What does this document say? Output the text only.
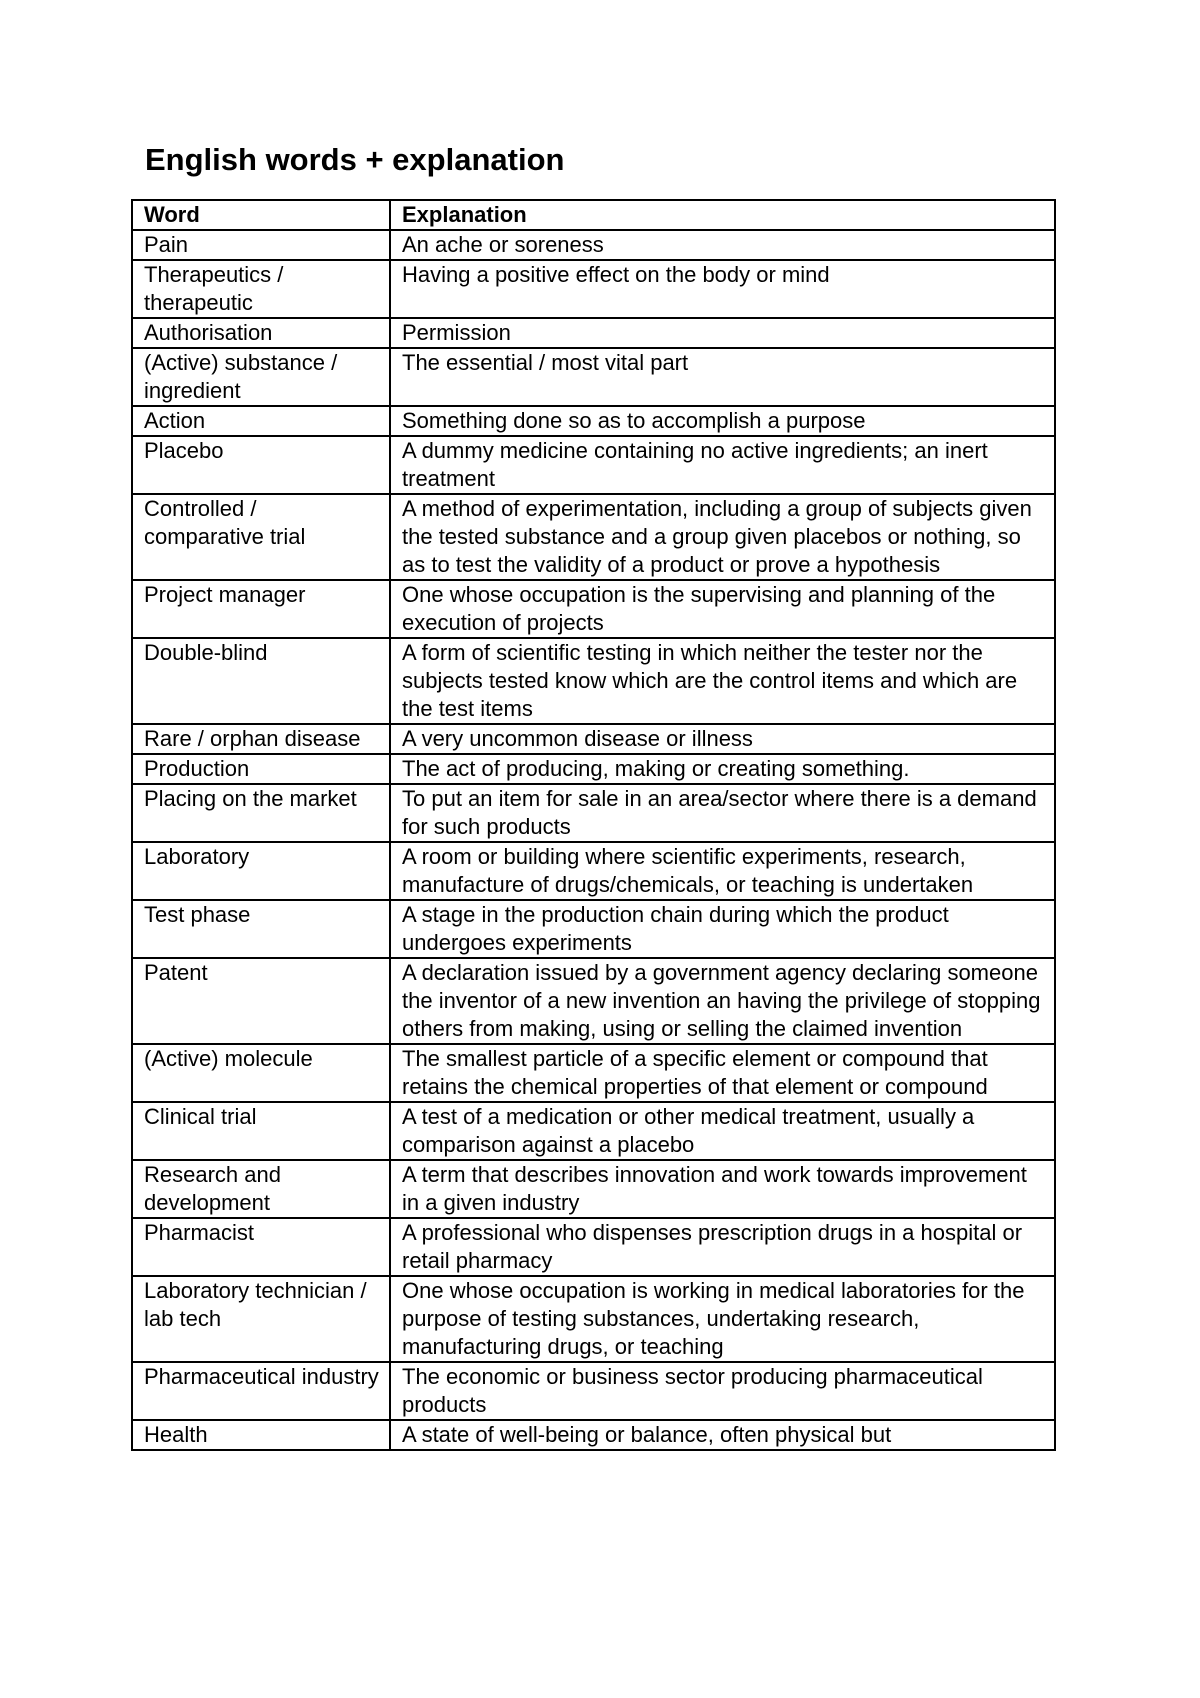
English words + explanation
Word	Explanation
Pain	An ache or soreness
Therapeutics / therapeutic	Having a positive effect on the body or mind
Authorisation	Permission
(Active) substance / ingredient	The essential / most vital part
Action	Something done so as to accomplish a purpose
Placebo	A dummy medicine containing no active ingredients; an inert treatment
Controlled / comparative trial	A method of experimentation, including a group of subjects given the tested substance and a group given placebos or nothing, so as to test the validity of a product or prove a hypothesis
Project manager	One whose occupation is the supervising and planning of the execution of projects
Double-blind	A form of scientific testing in which neither the tester nor the subjects tested know which are the control items and which are the test items
Rare / orphan disease	A very uncommon disease or illness
Production	The act of producing, making or creating something.
Placing on the market	To put an item for sale in an area/sector where there is a demand for such products
Laboratory	A room or building where scientific experiments, research, manufacture of drugs/chemicals, or teaching is undertaken
Test phase	A stage in the production chain during which the product undergoes experiments
Patent	A declaration issued by a government agency declaring someone the inventor of a new invention an having the privilege of stopping others from making, using or selling the claimed invention
(Active) molecule	The smallest particle of a specific element or compound that retains the chemical properties of that element or compound
Clinical trial	A test of a medication or other medical treatment, usually a comparison against a placebo
Research and development	A term that describes innovation and work towards improvement in a given industry
Pharmacist	A professional who dispenses prescription drugs in a hospital or retail pharmacy
Laboratory technician / lab tech	One whose occupation is working in medical laboratories for the purpose of testing substances, undertaking research, manufacturing drugs, or teaching
Pharmaceutical industry	The economic or business sector producing pharmaceutical products
Health	A state of well-being or balance, often physical but
